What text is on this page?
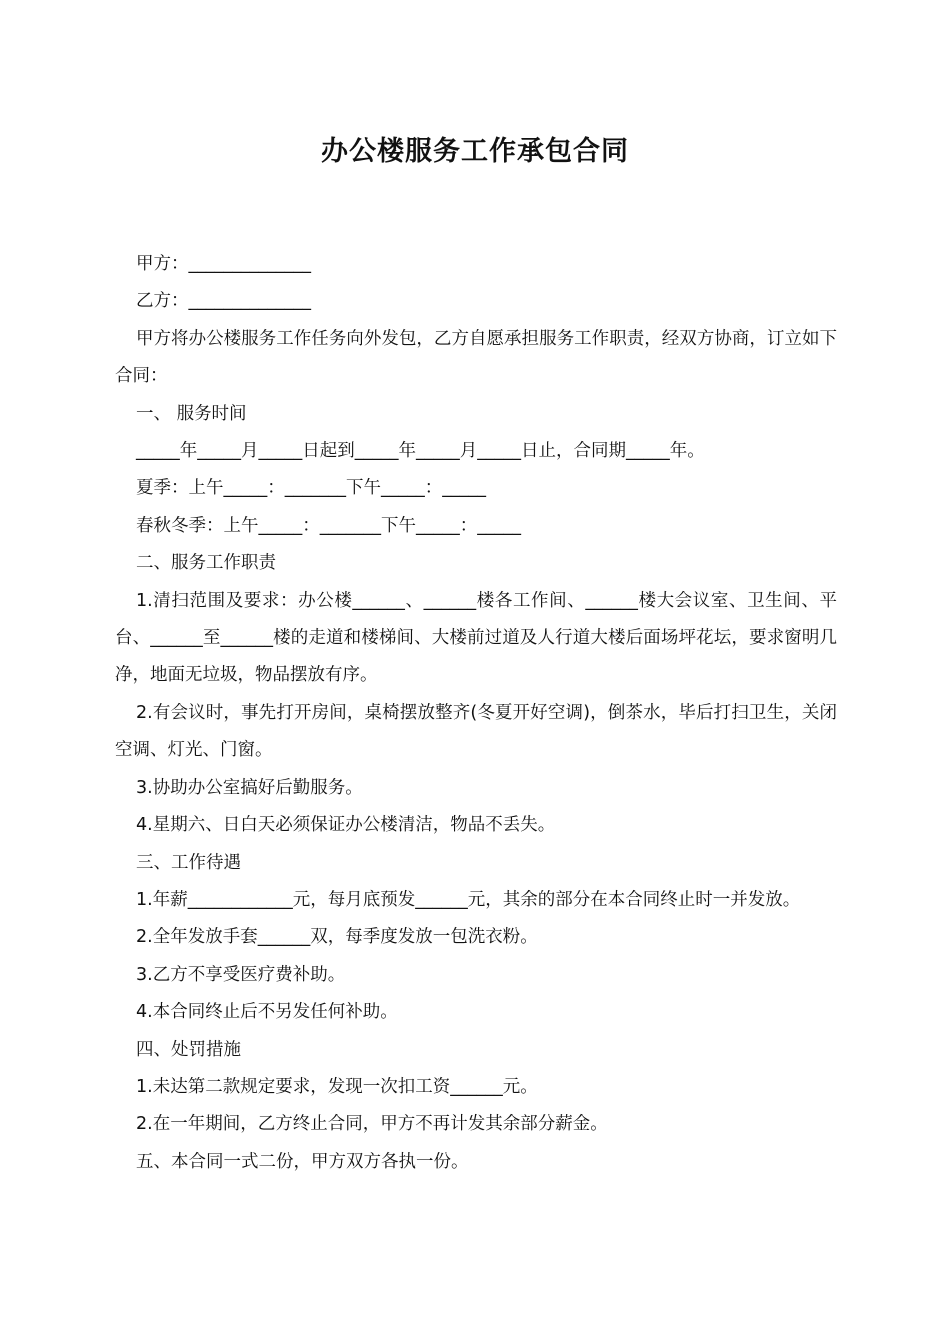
办公楼服务工作承包合同

甲方：______________

乙方：______________

甲方将办公楼服务工作任务向外发包，乙方自愿承担服务工作职责，经双方协商，订立如下合同：

一、 服务时间

_____年_____月_____日起到_____年_____月_____日止，合同期_____年。

夏季：上午_____：_______下午_____：_____

春秋冬季：上午_____：_______下午_____：_____

二、服务工作职责

1.清扫范围及要求：办公楼______、______楼各工作间、______楼大会议室、卫生间、平台、______至______楼的走道和楼梯间、大楼前过道及人行道大楼后面场坪花坛，要求窗明几净，地面无垃圾，物品摆放有序。

2.有会议时，事先打开房间，桌椅摆放整齐(冬夏开好空调)，倒茶水，毕后打扫卫生，关闭空调、灯光、门窗。

3.协助办公室搞好后勤服务。

4.星期六、日白天必须保证办公楼清洁，物品不丢失。

三、工作待遇

1.年薪____________元，每月底预发______元，其余的部分在本合同终止时一并发放。

2.全年发放手套______双，每季度发放一包洗衣粉。

3.乙方不享受医疗费补助。

4.本合同终止后不另发任何补助。

四、处罚措施

1.未达第二款规定要求，发现一次扣工资______元。

2.在一年期间，乙方终止合同，甲方不再计发其余部分薪金。

五、本合同一式二份，甲方双方各执一份。
